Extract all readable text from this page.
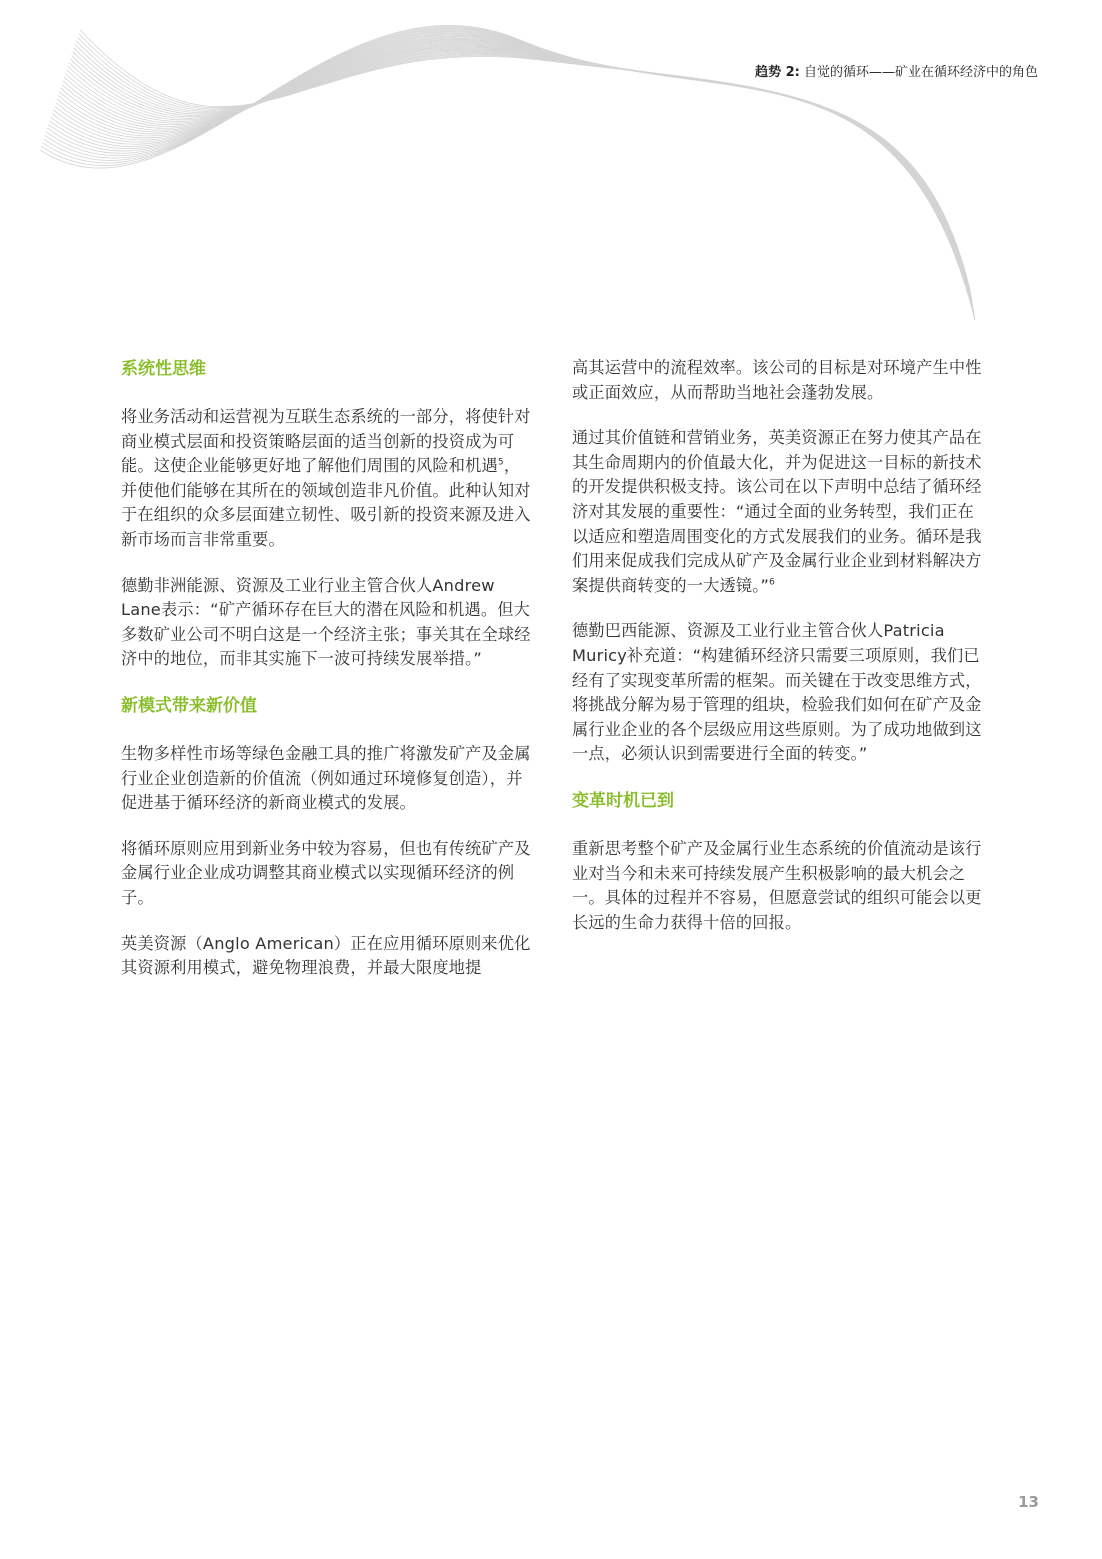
趋势 2: 自觉的循环——矿业在循环经济中的角色
系统性思维

将业务活动和运营视为互联生态系统的一部分，将使针对商业模式层面和投资策略层面的适当创新的投资成为可能。这使企业能够更好地了解他们周围的风险和机遇$^5$，并使他们能够在其所在的领域创造非凡价值。此种认知对于在组织的众多层面建立韧性、吸引新的投资来源及进入新市场而言非常重要。

德勤非洲能源、资源及工业行业主管合伙人Andrew Lane表示：“矿产循环存在巨大的潜在风险和机遇。但大多数矿业公司不明白这是一个经济主张；事关其在全球经济中的地位，而非其实施下一波可持续发展举措。”

新模式带来新价值

生物多样性市场等绿色金融工具的推广将激发矿产及金属行业企业创造新的价值流（例如通过环境修复创造），并促进基于循环经济的新商业模式的发展。

将循环原则应用到新业务中较为容易，但也有传统矿产及金属行业企业成功调整其商业模式以实现循环经济的例子。

英美资源（Anglo American）正在应用循环原则来优化其资源利用模式，避免物理浪费，并最大限度地提

高其运营中的流程效率。该公司的目标是对环境产生中性或正面效应，从而帮助当地社会蓬勃发展。

通过其价值链和营销业务，英美资源正在努力使其产品在其生命周期内的价值最大化，并为促进这一目标的新技术的开发提供积极支持。该公司在以下声明中总结了循环经济对其发展的重要性：“通过全面的业务转型，我们正在以适应和塑造周围变化的方式发展我们的业务。循环是我们用来促成我们完成从矿产及金属行业企业到材料解决方案提供商转变的一大透镜。”$^6$

德勤巴西能源、资源及工业行业主管合伙人Patricia Muricy补充道：“构建循环经济只需要三项原则，我们已经有了实现变革所需的框架。而关键在于改变思维方式，将挑战分解为易于管理的组块，检验我们如何在矿产及金属行业企业的各个层级应用这些原则。为了成功地做到这一点，必须认识到需要进行全面的转变。”

变革时机已到

重新思考整个矿产及金属行业生态系统的价值流动是该行业对当今和未来可持续发展产生积极影响的最大机会之一。具体的过程并不容易，但愿意尝试的组织可能会以更长远的生命力获得十倍的回报。

13
